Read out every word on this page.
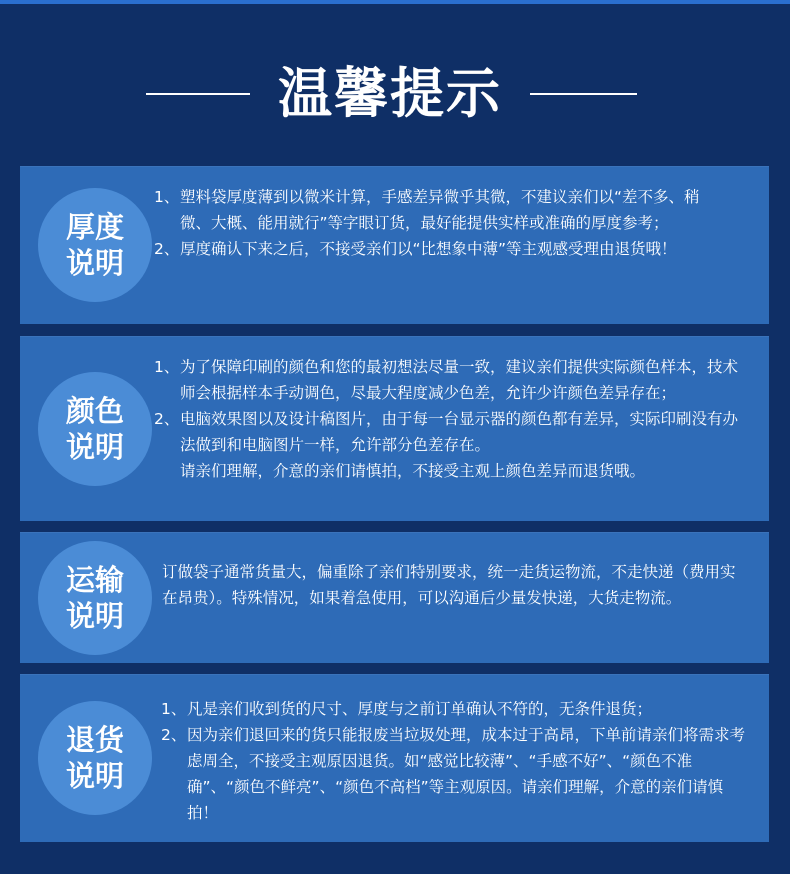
温馨提示
厚度
说明
1、 塑料袋厚度薄到以微米计算，手感差异微乎其微，不建议亲们以“差不多、稍微、大概、能用就行”等字眼订货，最好能提供实样或准确的厚度参考；
2、 厚度确认下来之后，不接受亲们以“比想象中薄”等主观感受理由退货哦！
颜色
说明
1、 为了保障印刷的颜色和您的最初想法尽量一致，建议亲们提供实际颜色样本，技术师会根据样本手动调色，尽最大程度减少色差，允许少许颜色差异存在；
2、 电脑效果图以及设计稿图片，由于每一台显示器的颜色都有差异，实际印刷没有办法做到和电脑图片一样，允许部分色差存在。
请亲们理解，介意的亲们请慎拍，不接受主观上颜色差异而退货哦。
运输
说明
订做袋子通常货量大，偏重除了亲们特别要求，统一走货运物流，不走快递（费用实在昂贵）。特殊情况，如果着急使用，可以沟通后少量发快递，大货走物流。
退货
说明
1、 凡是亲们收到货的尺寸、厚度与之前订单确认不符的，无条件退货；
2、 因为亲们退回来的货只能报废当垃圾处理，成本过于高昂，下单前请亲们将需求考虑周全，不接受主观原因退货。如“感觉比较薄”、“手感不好”、“颜色不准确”、“颜色不鲜亮”、“颜色不高档”等主观原因。请亲们理解，介意的亲们请慎拍！
